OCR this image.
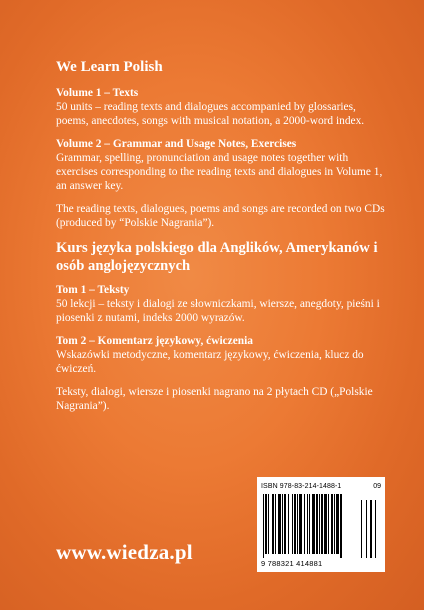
We Learn Polish
Volume 1 – Texts
50 units – reading texts and dialogues accompanied by glossaries, poems, anecdotes, songs with musical notation, a 2000-word index.
Volume 2 – Grammar and Usage Notes, Exercises
Grammar, spelling, pronunciation and usage notes together with exercises corresponding to the reading texts and dialogues in Volume 1, an answer key.
The reading texts, dialogues, poems and songs are recorded on two CDs (produced by “Polskie Nagrania”).
Kurs języka polskiego dla Anglików, Amerykanów i osób anglojęzycznych
Tom 1 – Teksty
50 lekcji – teksty i dialogi ze słowniczkami, wiersze, anegdoty, pieśni i piosenki z nutami, indeks 2000 wyrazów.
Tom 2 – Komentarz językowy, ćwiczenia
Wskazówki metodyczne, komentarz językowy, ćwiczenia, klucz do ćwiczeń.
Teksty, dialogi, wiersze i piosenki nagrano na 2 płytach CD („Polskie Nagrania”).
ISBN 978-83-214-1488-1	09
9 788321 414881
www.wiedza.pl
